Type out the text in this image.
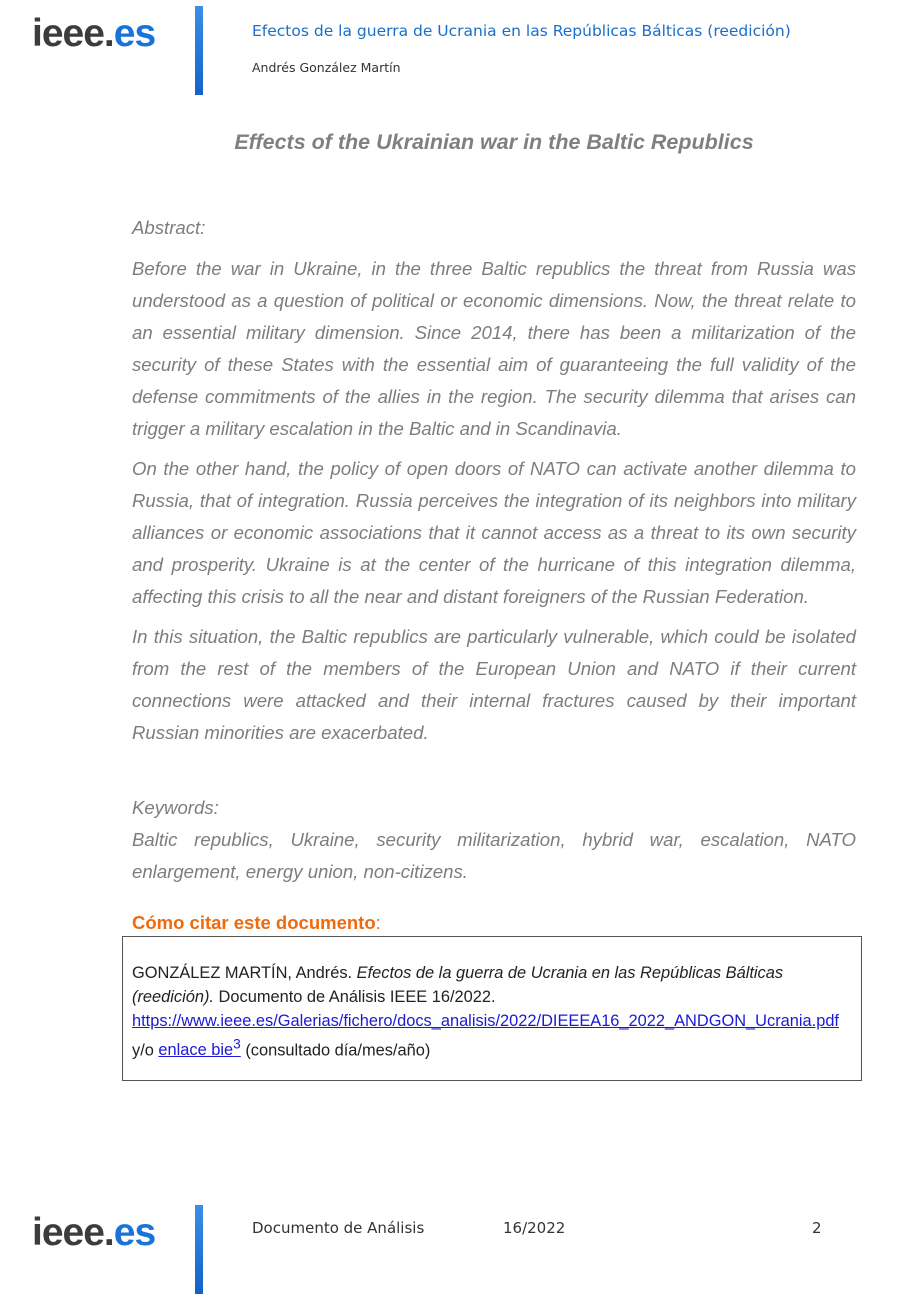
ieee.es	Efectos de la guerra de Ucrania en las Repúblicas Bálticas (reedición)
Andrés González Martín
Effects of the Ukrainian war in the Baltic Republics
Abstract:

Before the war in Ukraine, in the three Baltic republics the threat from Russia was understood as a question of political or economic dimensions. Now, the threat relate to an essential military dimension. Since 2014, there has been a militarization of the security of these States with the essential aim of guaranteeing the full validity of the defense commitments of the allies in the region. The security dilemma that arises can trigger a military escalation in the Baltic and in Scandinavia.

On the other hand, the policy of open doors of NATO can activate another dilemma to Russia, that of integration. Russia perceives the integration of its neighbors into military alliances or economic associations that it cannot access as a threat to its own security and prosperity. Ukraine is at the center of the hurricane of this integration dilemma, affecting this crisis to all the near and distant foreigners of the Russian Federation.

In this situation, the Baltic republics are particularly vulnerable, which could be isolated from the rest of the members of the European Union and NATO if their current connections were attacked and their internal fractures caused by their important Russian minorities are exacerbated.

Keywords:
Baltic republics, Ukraine, security militarization, hybrid war, escalation, NATO enlargement, energy union, non-citizens.
Cómo citar este documento:
GONZÁLEZ MARTÍN, Andrés. Efectos de la guerra de Ucrania en las Repúblicas Bálticas (reedición). Documento de Análisis IEEE 16/2022.
https://www.ieee.es/Galerias/fichero/docs_analisis/2022/DIEEEA16_2022_ANDGON_Ucrania.pdf y/o enlace bie$^3$ (consultado día/mes/año)
ieee.es	Documento de Análisis	16/2022	2
